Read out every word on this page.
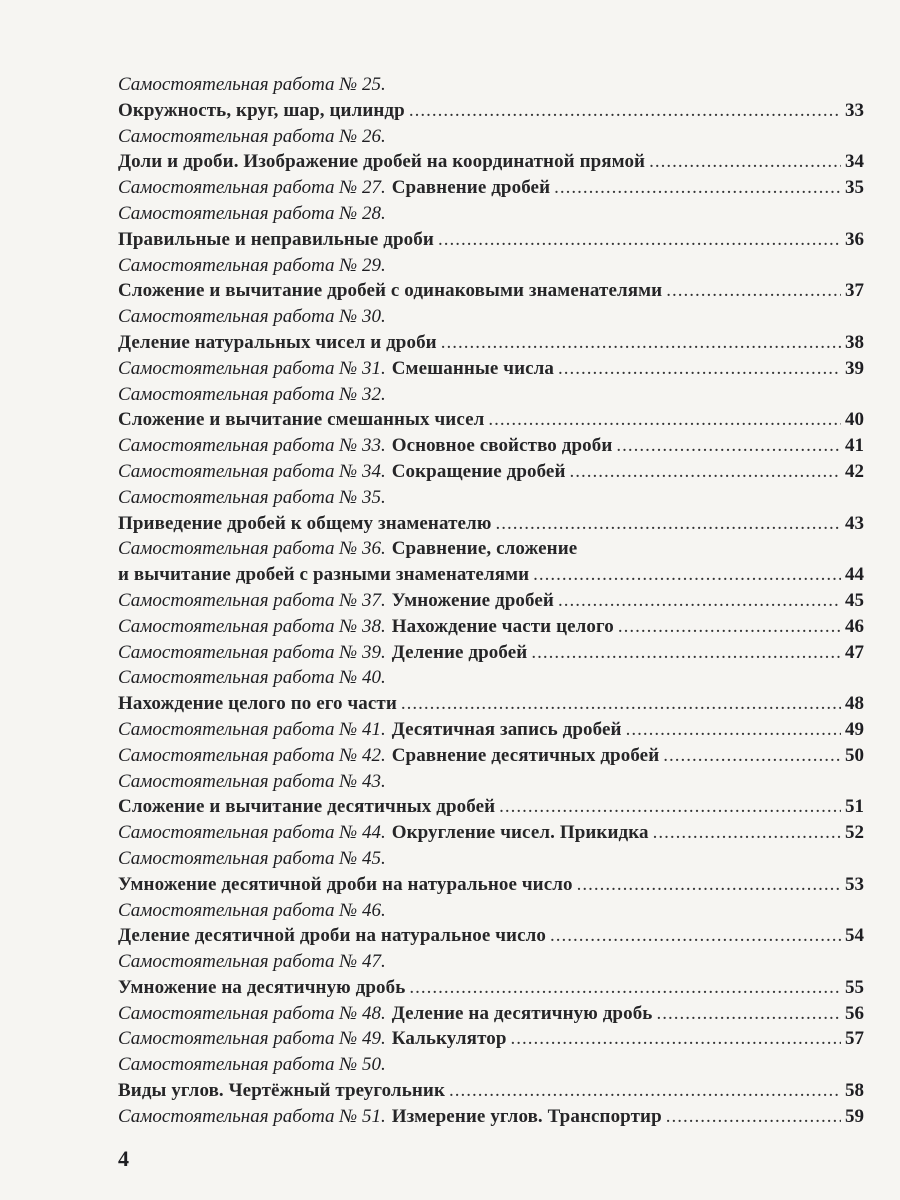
Самостоятельная работа № 25.
Окружность, круг, шар, цилиндр .....	33
Самостоятельная работа № 26.
Доли и дроби. Изображение дробей на координатной прямой .....	34
Самостоятельная работа № 27. Сравнение дробей .....	35
Самостоятельная работа № 28.
Правильные и неправильные дроби .....	36
Самостоятельная работа № 29.
Сложение и вычитание дробей с одинаковыми знаменателями .....	37
Самостоятельная работа № 30.
Деление натуральных чисел и дроби .....	38
Самостоятельная работа № 31. Смешанные числа .....	39
Самостоятельная работа № 32.
Сложение и вычитание смешанных чисел .....	40
Самостоятельная работа № 33. Основное свойство дроби .....	41
Самостоятельная работа № 34. Сокращение дробей .....	42
Самостоятельная работа № 35.
Приведение дробей к общему знаменателю .....	43
Самостоятельная работа № 36. Сравнение, сложение
и вычитание дробей с разными знаменателями .....	44
Самостоятельная работа № 37. Умножение дробей .....	45
Самостоятельная работа № 38. Нахождение части целого .....	46
Самостоятельная работа № 39. Деление дробей .....	47
Самостоятельная работа № 40.
Нахождение целого по его части .....	48
Самостоятельная работа № 41. Десятичная запись дробей .....	49
Самостоятельная работа № 42. Сравнение десятичных дробей .....	50
Самостоятельная работа № 43.
Сложение и вычитание десятичных дробей .....	51
Самостоятельная работа № 44. Округление чисел. Прикидка .....	52
Самостоятельная работа № 45.
Умножение десятичной дроби на натуральное число .....	53
Самостоятельная работа № 46.
Деление десятичной дроби на натуральное число .....	54
Самостоятельная работа № 47.
Умножение на десятичную дробь .....	55
Самостоятельная работа № 48. Деление на десятичную дробь .....	56
Самостоятельная работа № 49. Калькулятор .....	57
Самостоятельная работа № 50.
Виды углов. Чертёжный треугольник .....	58
Самостоятельная работа № 51. Измерение углов. Транспортир .....	59
4
